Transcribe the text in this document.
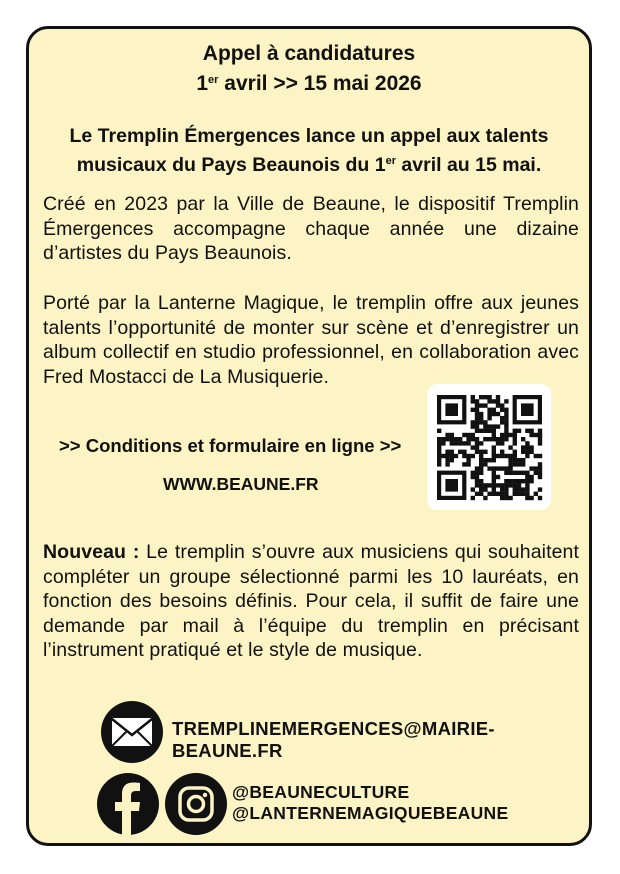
Appel à candidatures
1er avril >> 15 mai 2026
Le Tremplin Émergences lance un appel aux talents
musicaux du Pays Beaunois du 1er avril au 15 mai.
Créé en 2023 par la Ville de Beaune, le dispositif Tremplin Émergences accompagne chaque année une dizaine d’artistes du Pays Beaunois.
Porté par la Lanterne Magique, le tremplin offre aux jeunes talents l’opportunité de monter sur scène et d’enregistrer un album collectif en studio professionnel, en collaboration avec Fred Mostacci de La Musiquerie.
>> Conditions et formulaire en ligne >>
WWW.BEAUNE.FR
Nouveau : Le tremplin s’ouvre aux musiciens qui souhaitent compléter un groupe sélectionné parmi les 10 lauréats, en fonction des besoins définis. Pour cela, il suffit de faire une demande par mail à l’équipe du tremplin en précisant l’instrument pratiqué et le style de musique.
TREMPLINEMERGENCES@MAIRIE-BEAUNE.FR
@BEAUNECULTURE
@LANTERNEMAGIQUEBEAUNE
